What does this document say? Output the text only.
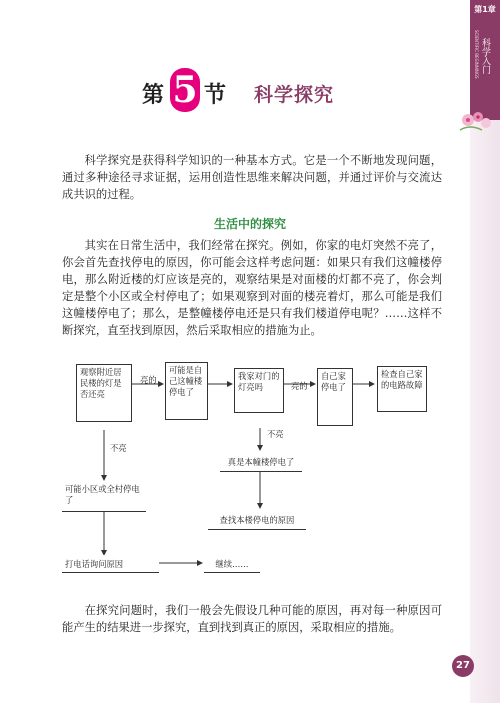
第1章
SCIENTIFIC BEGINNINGS 科学入门
第 5 节 科学探究

科学探究是获得科学知识的一种基本方式。它是一个不断地发现问题，通过多种途径寻求证据，运用创造性思维来解决问题，并通过评价与交流达成共识的过程。

生活中的探究

其实在日常生活中，我们经常在探究。例如，你家的电灯突然不亮了，你会首先查找停电的原因，你可能会这样考虑问题：如果只有我们这幢楼停电，那么附近楼的灯应该是亮的，观察结果是对面楼的灯都不亮了，你会判定是整个小区或全村停电了；如果观察到对面的楼亮着灯，那么可能是我们这幢楼停电了；那么，是整幢楼停电还是只有我们楼道停电呢？……这样不断探究，直至找到原因，然后采取相应的措施为止。

观察附近居民楼的灯是否还亮
亮的
可能是自己这幢楼停电了
我家对门的灯亮吗	亮的
自己家停电了
检查自己家的电路故障
不亮
不亮
真是本幢楼停电了
查找本楼停电的原因
可能小区或全村停电了
打电话询问原因	继续……

在探究问题时，我们一般会先假设几种可能的原因，再对每一种原因可能产生的结果进一步探究，直到找到真正的原因，采取相应的措施。

27
